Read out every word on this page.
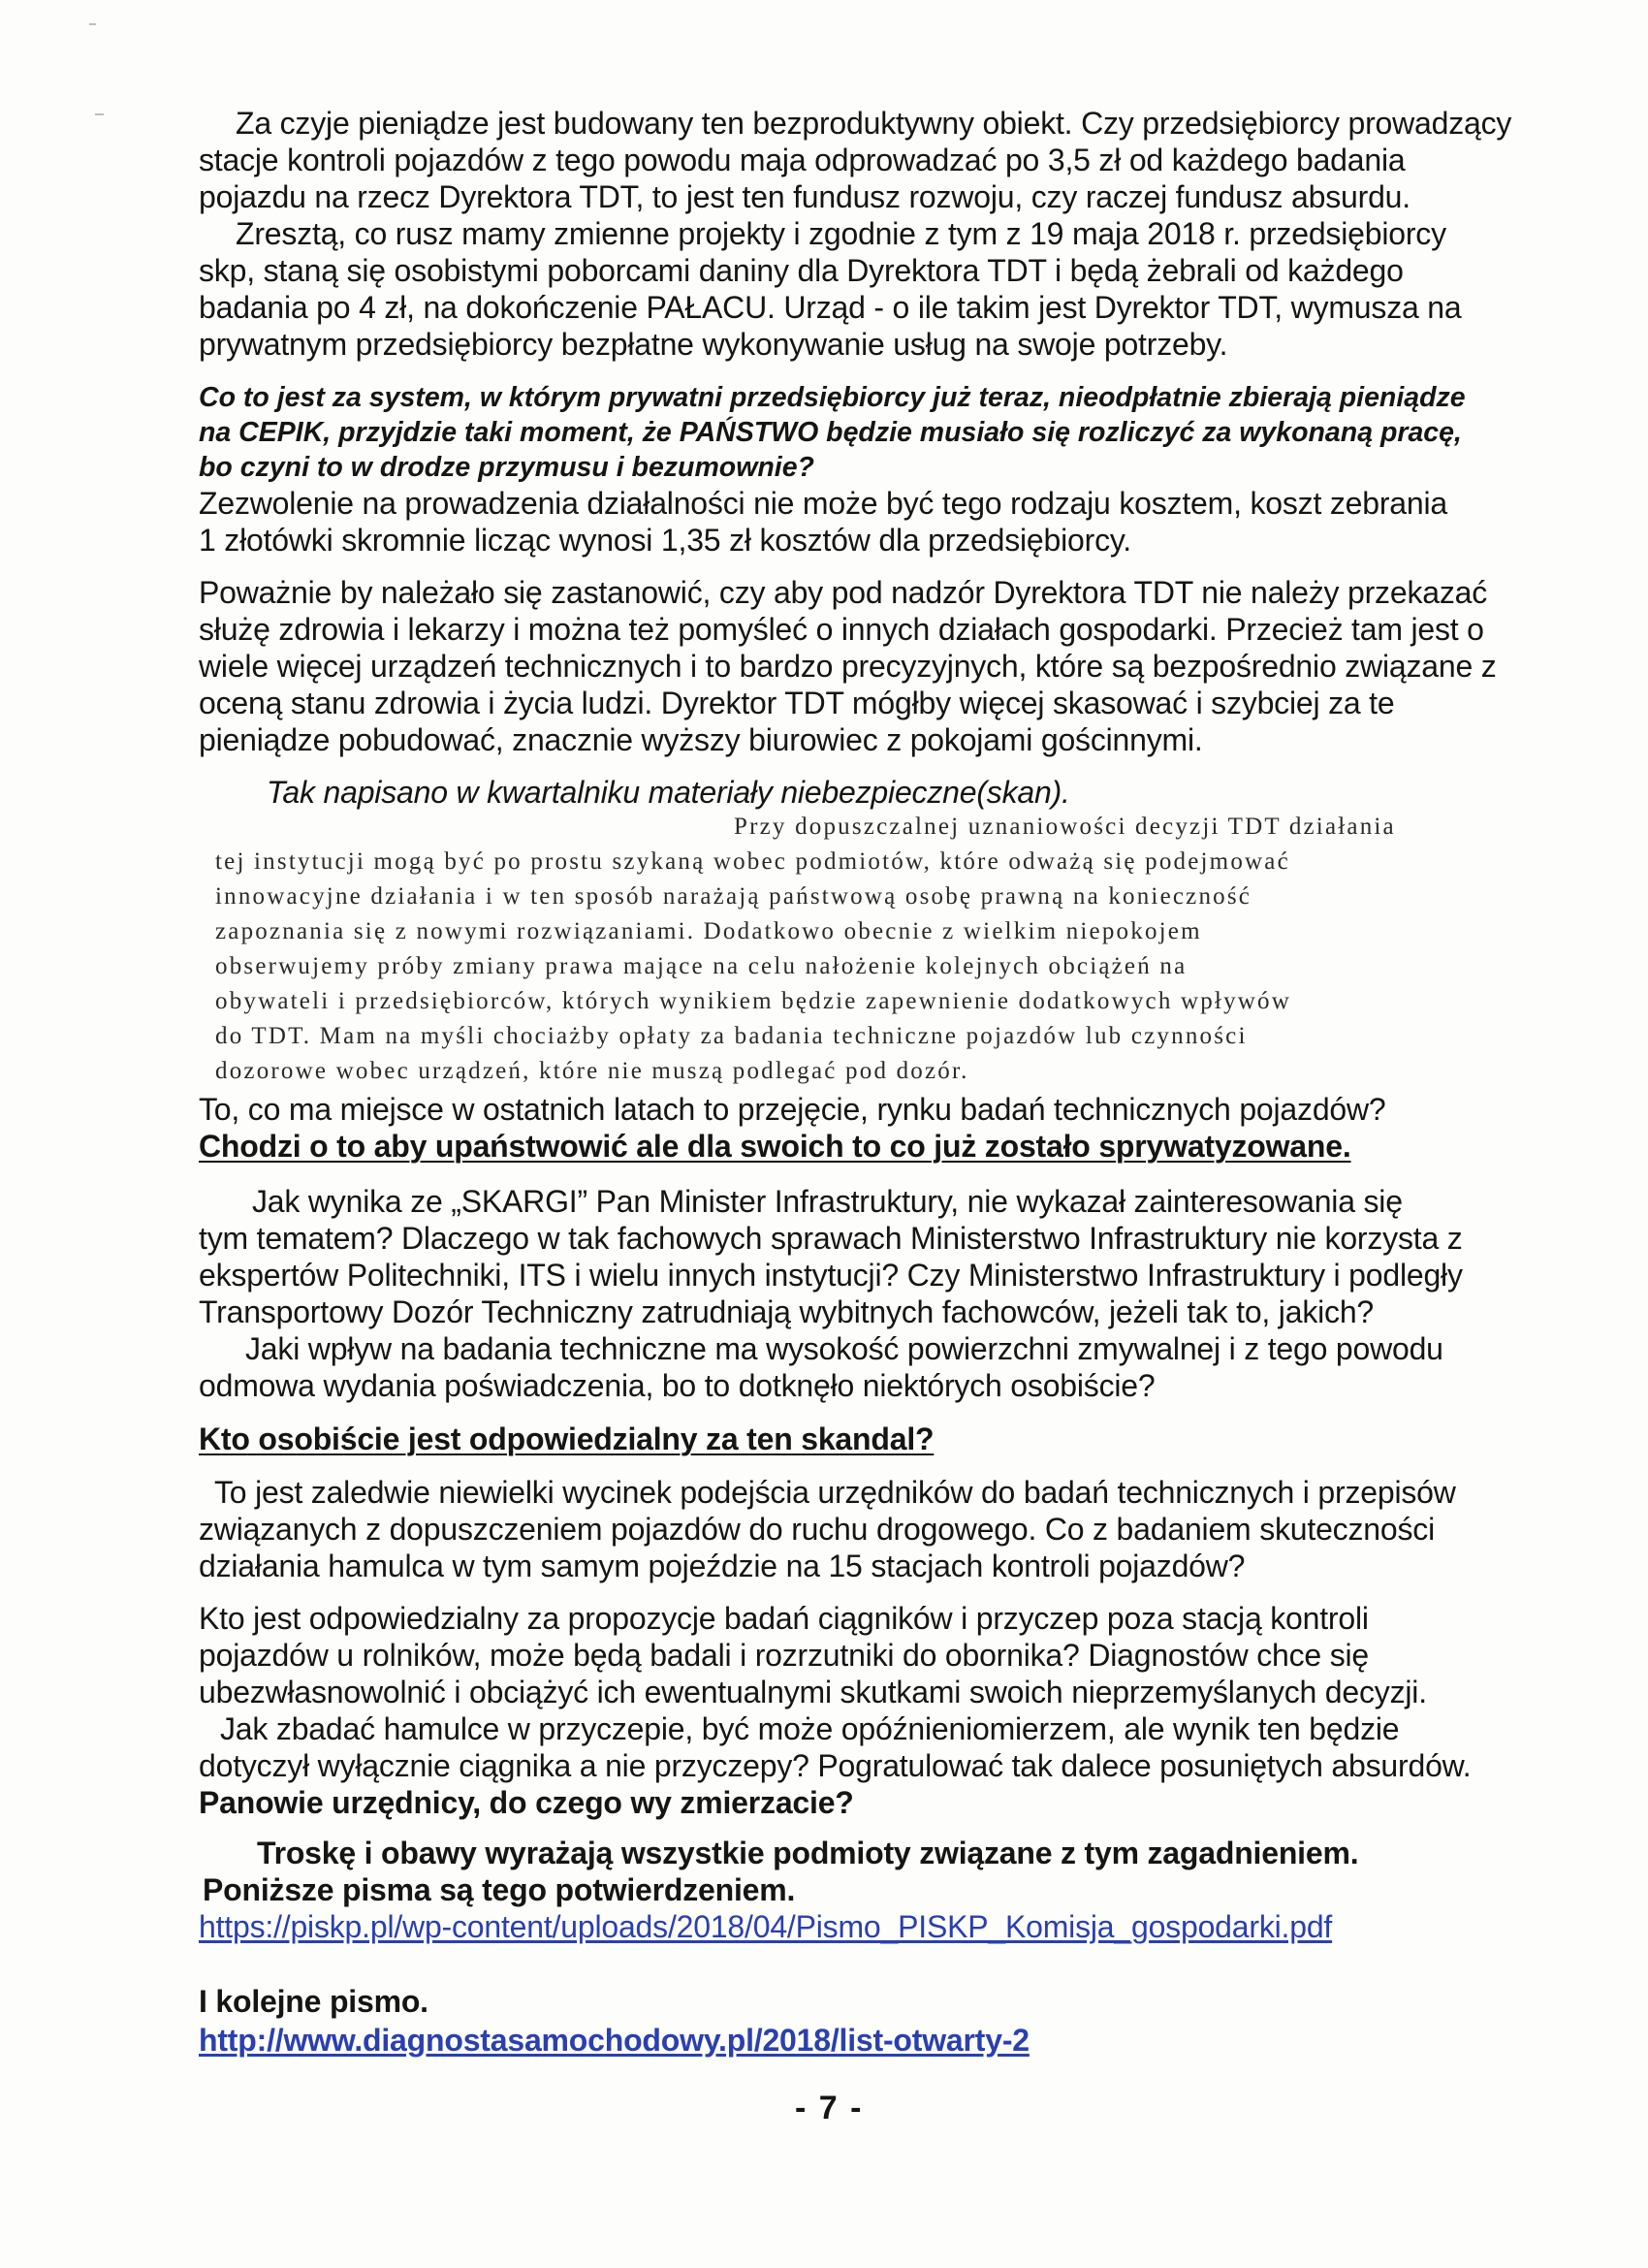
Za czyje pieniądze jest budowany ten bezproduktywny obiekt. Czy przedsiębiorcy prowadzący
stacje kontroli pojazdów z tego powodu maja odprowadzać po 3,5 zł od każdego badania
pojazdu na rzecz Dyrektora TDT, to jest ten fundusz rozwoju, czy raczej fundusz absurdu.
Zresztą, co rusz mamy zmienne projekty i zgodnie z tym z 19 maja 2018 r. przedsiębiorcy
skp, staną się osobistymi poborcami daniny dla Dyrektora TDT i będą żebrali od każdego
badania po 4 zł, na dokończenie PAŁACU. Urząd - o ile takim jest Dyrektor TDT, wymusza na
prywatnym przedsiębiorcy bezpłatne wykonywanie usług na swoje potrzeby.
Co to jest za system, w którym prywatni przedsiębiorcy już teraz, nieodpłatnie zbierają pieniądze
na CEPIK, przyjdzie taki moment, że PAŃSTWO będzie musiało się rozliczyć za wykonaną pracę,
bo czyni to w drodze przymusu i bezumownie?
Zezwolenie na prowadzenia działalności nie może być tego rodzaju kosztem, koszt zebrania
1 złotówki skromnie licząc wynosi 1,35 zł kosztów dla przedsiębiorcy.
Poważnie by należało się zastanowić, czy aby pod nadzór Dyrektora TDT nie należy przekazać
służę zdrowia i lekarzy i można też pomyśleć o innych działach gospodarki. Przecież tam jest o
wiele więcej urządzeń technicznych i to bardzo precyzyjnych, które są bezpośrednio związane z
oceną stanu zdrowia i życia ludzi. Dyrektor TDT mógłby więcej skasować i szybciej za te
pieniądze pobudować, znacznie wyższy biurowiec z pokojami gościnnymi.
Tak napisano w kwartalniku materiały niebezpieczne(skan).
Przy dopuszczalnej uznaniowości decyzji TDT działania
tej instytucji mogą być po prostu szykaną wobec podmiotów, które odważą się podejmować
innowacyjne działania i w ten sposób narażają państwową osobę prawną na konieczność
zapoznania się z nowymi rozwiązaniami. Dodatkowo obecnie z wielkim niepokojem
obserwujemy próby zmiany prawa mające na celu nałożenie kolejnych obciążeń na
obywateli i przedsiębiorców, których wynikiem będzie zapewnienie dodatkowych wpływów
do TDT. Mam na myśli chociażby opłaty za badania techniczne pojazdów lub czynności
dozorowe wobec urządzeń, które nie muszą podlegać pod dozór.
To, co ma miejsce w ostatnich latach to przejęcie, rynku badań technicznych pojazdów?
Chodzi o to aby upaństwowić ale dla swoich to co już zostało sprywatyzowane.
Jak wynika ze „SKARGI” Pan Minister Infrastruktury, nie wykazał zainteresowania się
tym tematem? Dlaczego w tak fachowych sprawach Ministerstwo Infrastruktury nie korzysta z
ekspertów Politechniki, ITS i wielu innych instytucji? Czy Ministerstwo Infrastruktury i podległy
Transportowy Dozór Techniczny zatrudniają wybitnych fachowców, jeżeli tak to, jakich?
Jaki wpływ na badania techniczne ma wysokość powierzchni zmywalnej i z tego powodu
odmowa wydania poświadczenia, bo to dotknęło niektórych osobiście?
Kto osobiście jest odpowiedzialny za ten skandal?
To jest zaledwie niewielki wycinek podejścia urzędników do badań technicznych i przepisów
związanych z dopuszczeniem pojazdów do ruchu drogowego. Co z badaniem skuteczności
działania hamulca w tym samym pojeździe na 15 stacjach kontroli pojazdów?
Kto jest odpowiedzialny za propozycje badań ciągników i przyczep poza stacją kontroli
pojazdów u rolników, może będą badali i rozrzutniki do obornika? Diagnostów chce się
ubezwłasnowolnić i obciążyć ich ewentualnymi skutkami swoich nieprzemyślanych decyzji.
Jak zbadać hamulce w przyczepie, być może opóźnieniomierzem, ale wynik ten będzie
dotyczył wyłącznie ciągnika a nie przyczepy? Pogratulować tak dalece posuniętych absurdów.
Panowie urzędnicy, do czego wy zmierzacie?
Troskę i obawy wyrażają wszystkie podmioty związane z tym zagadnieniem.
Poniższe pisma są tego potwierdzeniem.
https://piskp.pl/wp-content/uploads/2018/04/Pismo_PISKP_Komisja_gospodarki.pdf
I kolejne pismo.
http://www.diagnostasamochodowy.pl/2018/list-otwarty-2
- 7 -
